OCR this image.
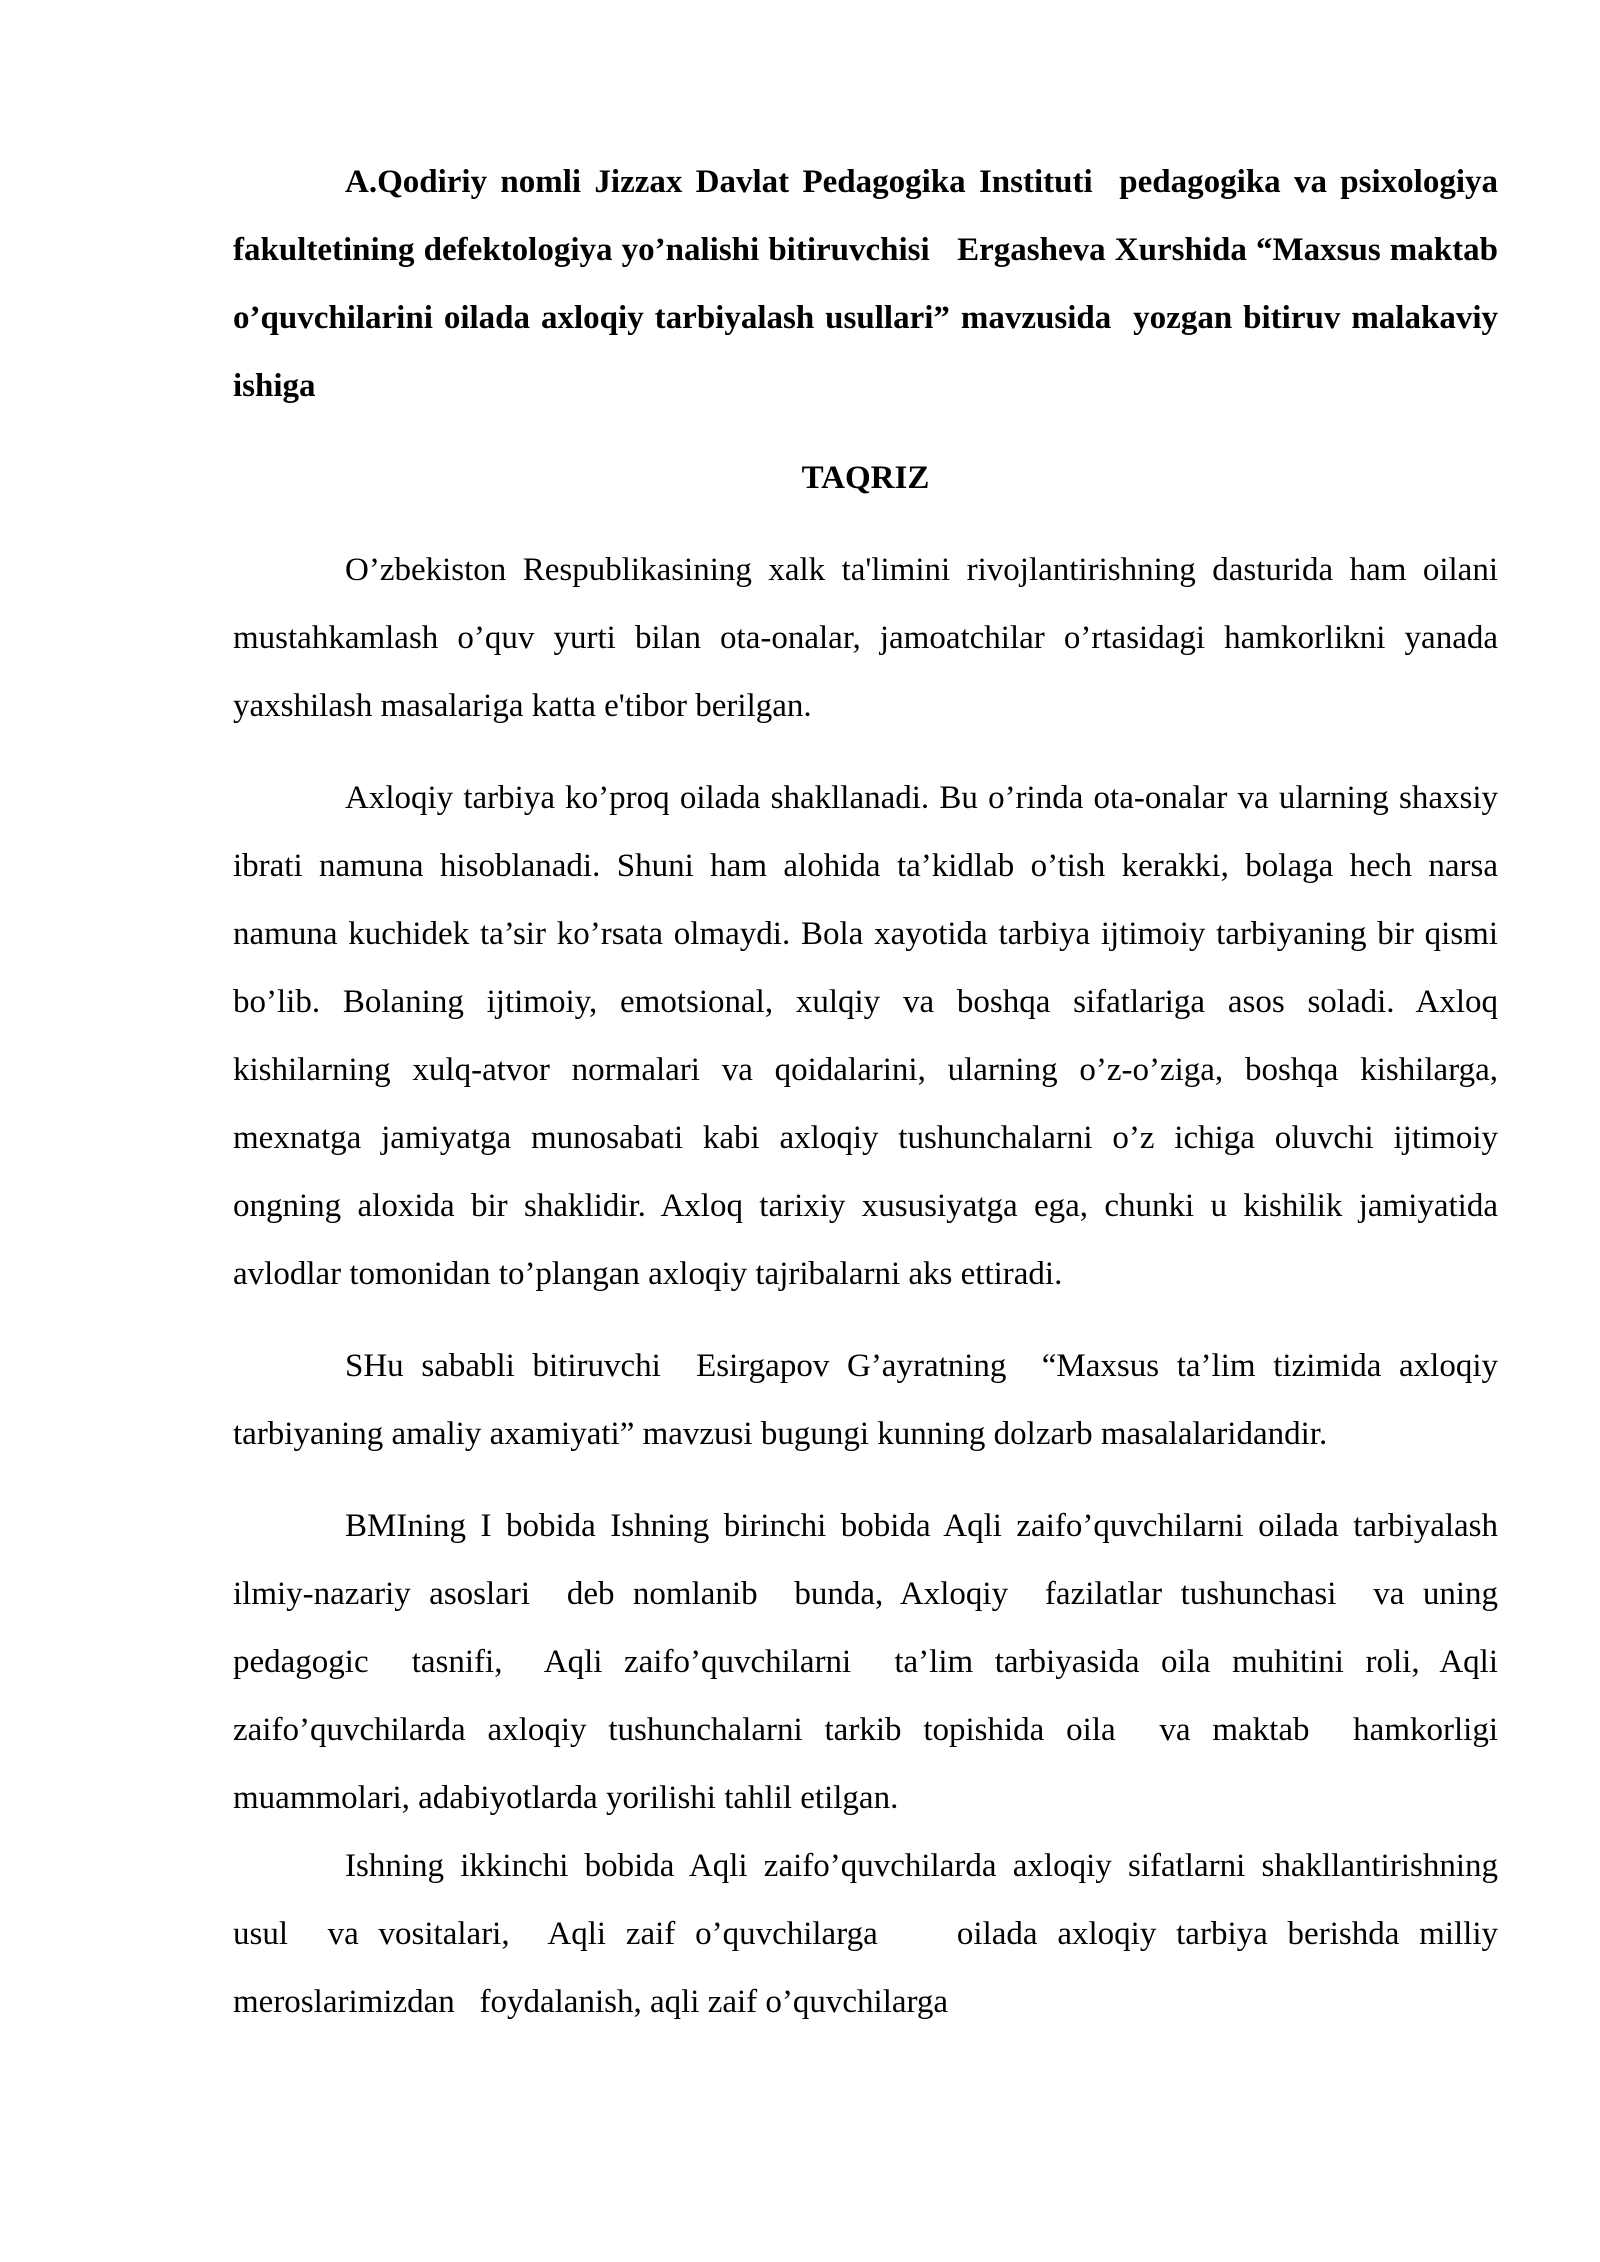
A.Qodiriy nomli Jizzax Davlat Pedagogika Instituti  pedagogika va psixologiya   fakultetining defektologiya yo’nalishi bitiruvchisi   Ergasheva Xurshida “Maxsus maktab o’quvchilarini oilada axloqiy tarbiyalash usullari” mavzusida  yozgan bitiruv malakaviy ishiga

TAQRIZ

O’zbekiston Respublikasining xalk ta'limini rivojlantirishning dasturida ham oilani mustahkamlash o’quv yurti bilan ota-onalar, jamoatchilar o’rtasidagi hamkorlikni yanada yaxshilash masalariga katta e'tibor berilgan.

Axloqiy tarbiya ko’proq oilada shakllanadi. Bu o’rinda ota-onalar va ularning shaxsiy ibrati namuna hisoblanadi. Shuni ham alohida ta’kidlab o’tish kerakki, bolaga hech narsa namuna kuchidek ta’sir ko’rsata olmaydi. Bola xayotida tarbiya ijtimoiy tarbiyaning bir qismi bo’lib. Bolaning ijtimoiy, emotsional, xulqiy va boshqa sifatlariga asos soladi. Axloq  kishilarning xulq-atvor normalari va qoidalarini, ularning o’z-o’ziga, boshqa kishilarga, mexnatga jamiyatga munosabati kabi axloqiy tushunchalarni o’z ichiga oluvchi ijtimoiy ongning aloxida bir shaklidir. Axloq tarixiy xususiyatga ega, chunki u kishilik jamiyatida avlodlar tomonidan to’plangan axloqiy tajribalarni aks ettiradi.

SHu sababli bitiruvchi  Esirgapov G’ayratning  “Maxsus ta’lim tizimida axloqiy tarbiyaning amaliy axamiyati” mavzusi bugungi kunning dolzarb masalalaridandir.

BMIning I bobida Ishning birinchi bobida Aqli zaifo’quvchilarni oilada tarbiyalash   ilmiy-nazariy asoslari  deb nomlanib  bunda, Axloqiy  fazilatlar tushunchasi  va uning pedagogic  tasnifi,  Aqli zaifo’quvchilarni  ta’lim tarbiyasida oila muhitini roli, Aqli zaifo’quvchilarda axloqiy tushunchalarni tarkib topishida oila  va maktab  hamkorligi muammolari, adabiyotlarda yorilishi tahlil etilgan.

Ishning ikkinchi bobida Aqli zaifo’quvchilarda axloqiy sifatlarni shakllantirishning usul  va vositalari,  Aqli zaif o’quvchilarga    oilada axloqiy tarbiya berishda milliy meroslarimizdan   foydalanish, aqli zaif o’quvchilarga
